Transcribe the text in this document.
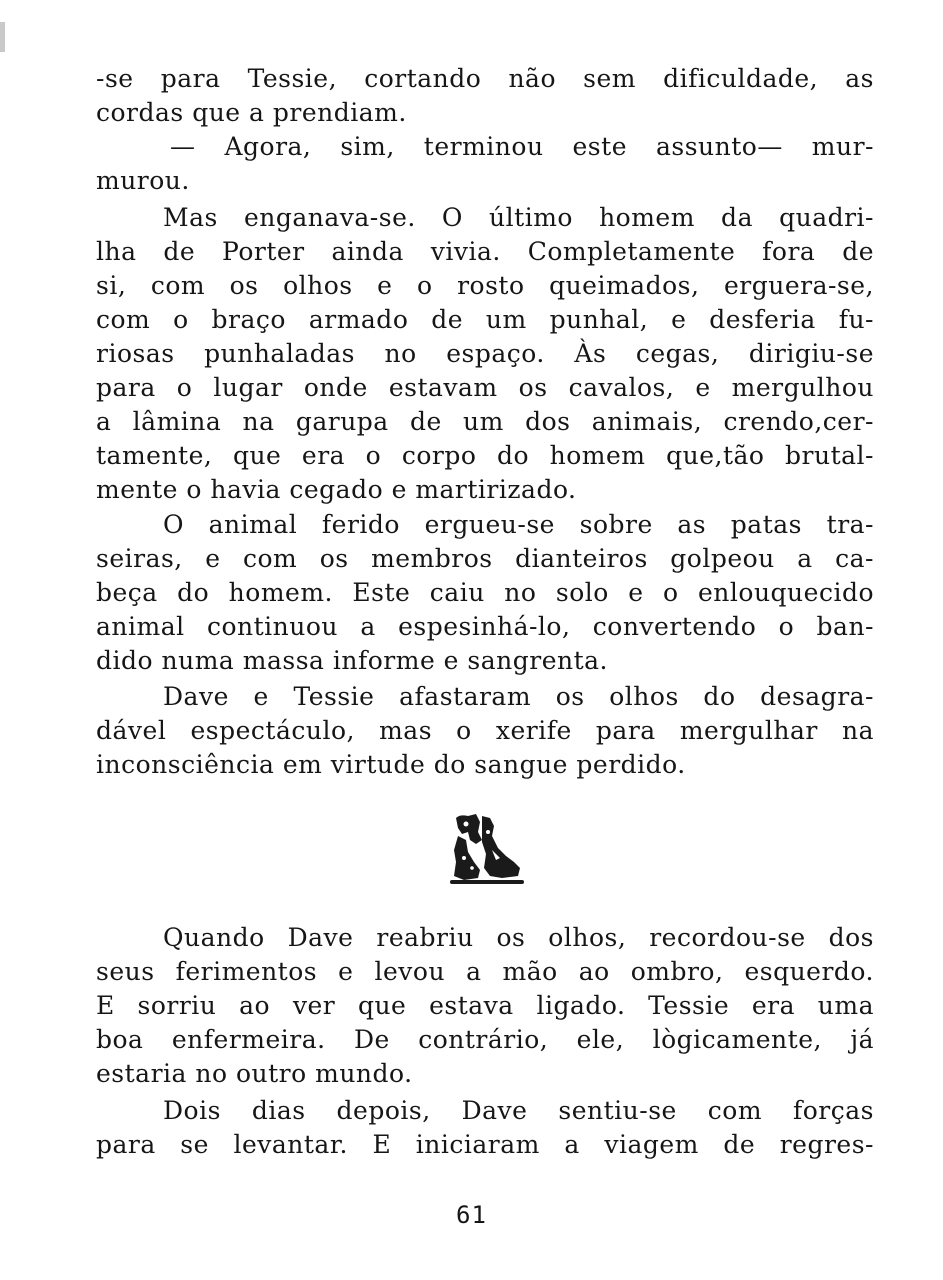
-se para Tessie, cortando não sem dificuldade, as
cordas que a prendiam.
— Agora, sim, terminou este assunto— mur-
murou.
Mas enganava-se. O último homem da quadri-
lha de Porter ainda vivia. Completamente fora de
si, com os olhos e o rosto queimados, erguera-se,
com o braço armado de um punhal, e desferia fu-
riosas punhaladas no espaço. Às cegas, dirigiu-se
para o lugar onde estavam os cavalos, e mergulhou
a lâmina na garupa de um dos animais, crendo,cer-
tamente, que era o corpo do homem que,tão brutal-
mente o havia cegado e martirizado.
O animal ferido ergueu-se sobre as patas tra-
seiras, e com os membros dianteiros golpeou a ca-
beça do homem. Este caiu no solo e o enlouquecido
animal continuou a espesinhá-lo, convertendo o ban-
dido numa massa informe e sangrenta.
Dave e Tessie afastaram os olhos do desagra-
dável espectáculo, mas o xerife para mergulhar na
inconsciência em virtude do sangue perdido.
Quando Dave reabriu os olhos, recordou-se dos
seus ferimentos e levou a mão ao ombro, esquerdo.
E sorriu ao ver que estava ligado. Tessie era uma
boa enfermeira. De contrário, ele, lògicamente, já
estaria no outro mundo.
Dois dias depois, Dave sentiu-se com forças
para se levantar. E iniciaram a viagem de regres-
61
